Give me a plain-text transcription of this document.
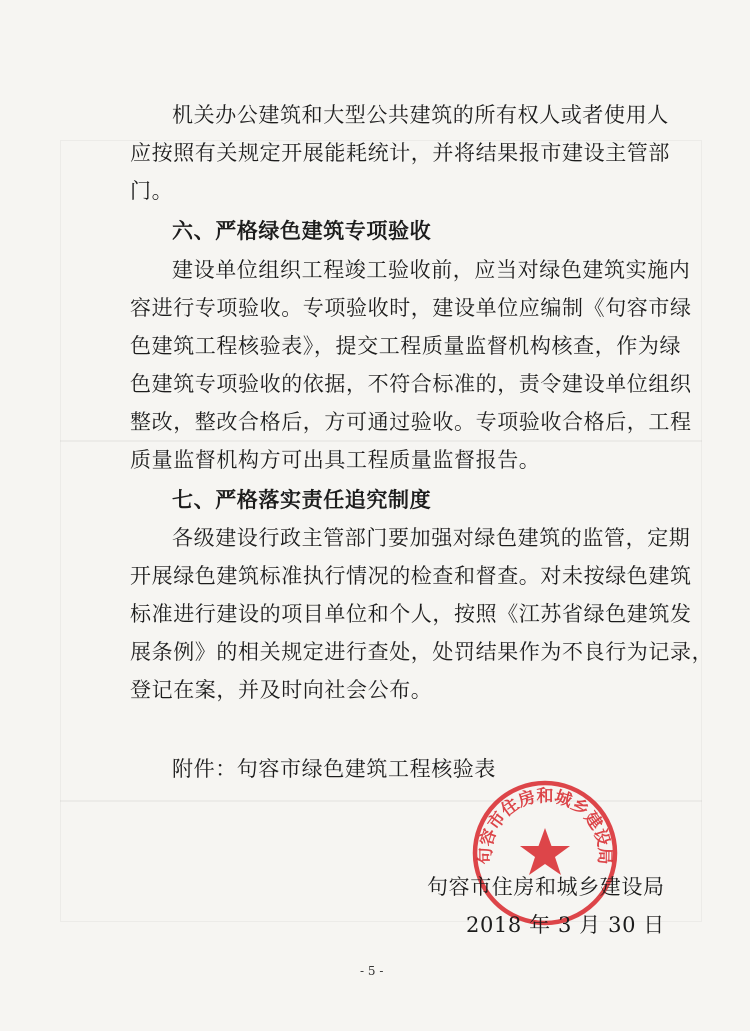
机关办公建筑和大型公共建筑的所有权人或者使用人
应按照有关规定开展能耗统计，并将结果报市建设主管部
门。
六、严格绿色建筑专项验收
建设单位组织工程竣工验收前，应当对绿色建筑实施内
容进行专项验收。专项验收时，建设单位应编制《句容市绿
色建筑工程核验表》，提交工程质量监督机构核查，作为绿
色建筑专项验收的依据，不符合标准的，责令建设单位组织
整改，整改合格后，方可通过验收。专项验收合格后，工程
质量监督机构方可出具工程质量监督报告。
七、严格落实责任追究制度
各级建设行政主管部门要加强对绿色建筑的监管，定期
开展绿色建筑标准执行情况的检查和督查。对未按绿色建筑
标准进行建设的项目单位和个人，按照《江苏省绿色建筑发
展条例》的相关规定进行查处，处罚结果作为不良行为记录，
登记在案，并及时向社会公布。
附件：句容市绿色建筑工程核验表
句容市住房和城乡建设局
句容市住房和城乡建设局
2018 年 3 月 30 日
- 5 -
